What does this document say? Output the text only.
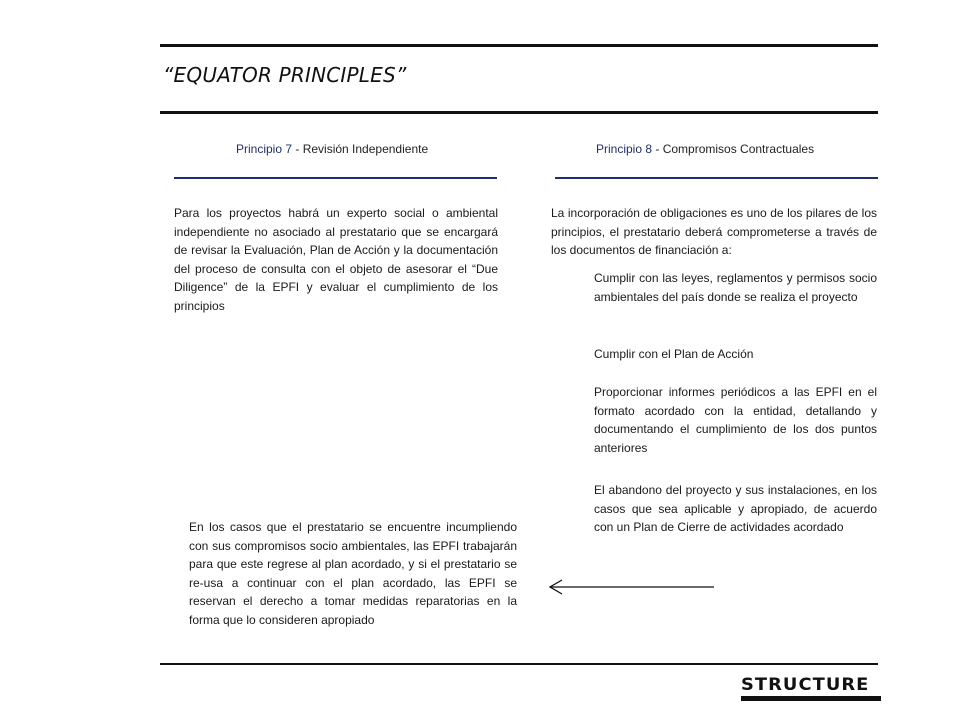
“EQUATOR PRINCIPLES”
Principio 7 - Revisión Independiente
Para los proyectos habrá un experto social o ambiental independiente no asociado al prestatario que se encargará de revisar la Evaluación, Plan de Acción y la documentación del proceso de consulta con el objeto de asesorar el “Due Diligence” de la EPFI y evaluar el cumplimiento de los principios
Principio 8 - Compromisos Contractuales
La incorporación de obligaciones es uno de los pilares de los principios, el prestatario deberá comprometerse a través de los documentos de financiación a:
Cumplir con las leyes, reglamentos y permisos socio ambientales del país donde se realiza el proyecto
Cumplir con el Plan de Acción
Proporcionar informes periódicos a las EPFI en el formato acordado con la entidad, detallando y documentando el cumplimiento de los dos puntos anteriores
El abandono del proyecto y sus instalaciones, en los casos que sea aplicable y apropiado, de acuerdo con un Plan de Cierre de actividades acordado
En los casos que el prestatario se encuentre incumpliendo con sus compromisos socio ambientales, las EPFI trabajarán para que este regrese al plan acordado, y si el prestatario se re-usa a continuar con el plan acordado, las EPFI se reservan el derecho a tomar medidas reparatorias en la forma que lo consideren apropiado
STRUCTURE
